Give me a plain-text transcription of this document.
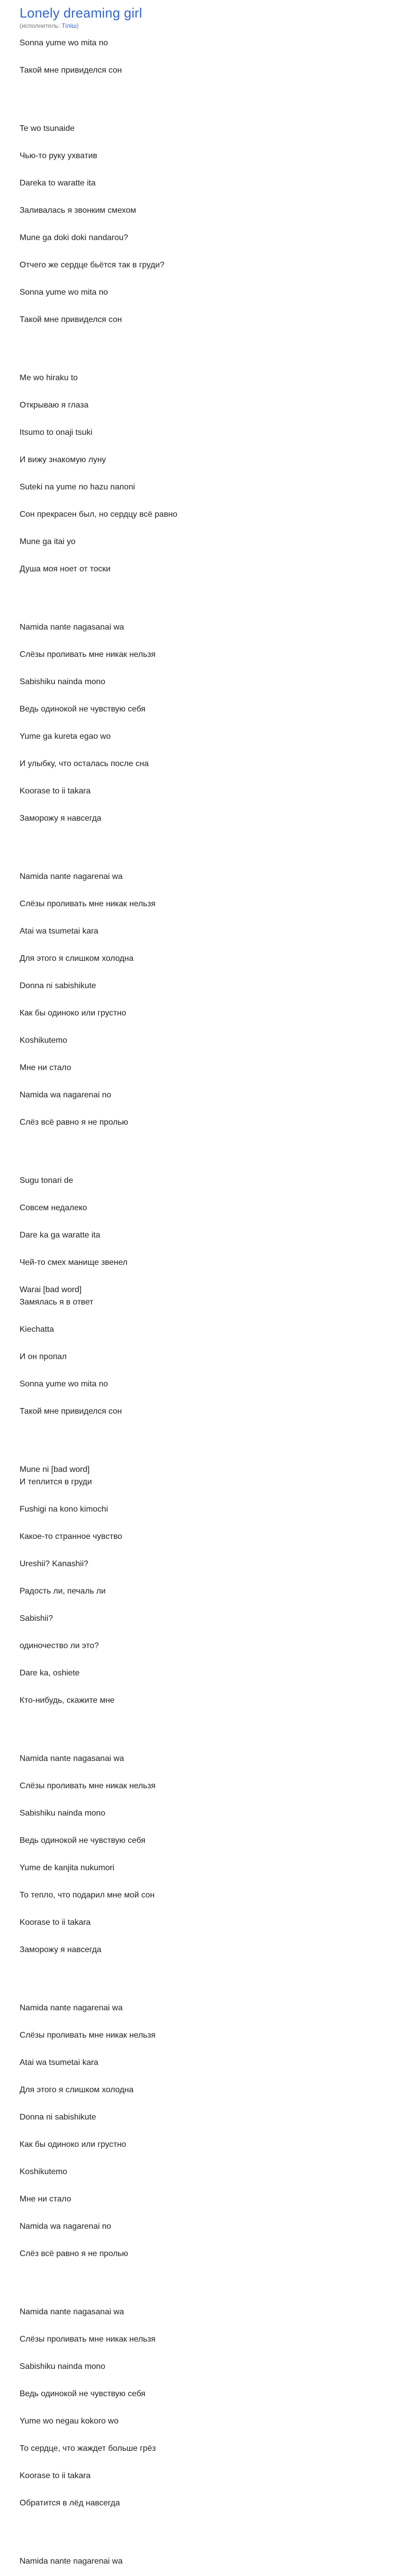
Lonely dreaming girl
(исполнитель: Тіліш)
Sonna yume wo mita no
Такой мне привиделся сон
Te wo tsunaide
Чью-то руку ухватив
Dareka to waratte ita
Заливалась я звонким смехом
Mune ga doki doki nandarou?
Отчего же сердце бьётся так в груди?
Sonna yume wo mita no
Такой мне привиделся сон
Me wo hiraku to
Открываю я глаза
Itsumo to onaji tsuki
И вижу знакомую луну
Suteki na yume no hazu nanoni
Сон прекрасен был, но сердцу всё равно
Mune ga itai yo
Душа моя ноет от тоски
Namida nante nagasanai wa
Слёзы проливать мне никак нельзя
Sabishiku nainda mono
Ведь одинокой не чувствую себя
Yume ga kureta egao wo
И улыбку, что осталась после сна
Koorase to ii takara
Заморожу я навсегда
Namida nante nagarenai wa
Слёзы проливать мне никак нельзя
Atai wa tsumetai kara
Для этого я слишком холодна
Donna ni sabishikute
Как бы одиноко или грустно
Koshikutemo
Мне ни стало
Namida wa nagarenai no
Слёз всё равно я не пролью
Sugu tonari de
Совсем недалеко
Dare ka ga waratte ita
Чей-то смех манище звенел
Warai [bad word]
Замялась я в ответ
Kiechatta
И он пропал
Sonna yume wo mita no
Такой мне привиделся сон
Mune ni [bad word]
И теплится в груди
Fushigi na kono kimochi
Какое-то странное чувство
Ureshii? Kanashii?
Радость ли, печаль ли
Sabishii?
одиночество ли это?
Dare ka, oshiete
Кто-нибудь, скажите мне
Namida nante nagasanai wa
Слёзы проливать мне никак нельзя
Sabishiku nainda mono
Ведь одинокой не чувствую себя
Yume de kanjita nukumori
То тепло, что подарил мне мой сон
Koorase to ii takara
Заморожу я навсегда
Namida nante nagarenai wa
Слёзы проливать мне никак нельзя
Atai wa tsumetai kara
Для этого я слишком холодна
Donna ni sabishikute
Как бы одиноко или грустно
Koshikutemo
Мне ни стало
Namida wa nagarenai no
Слёз всё равно я не пролью
Namida nante nagasanai wa
Слёзы проливать мне никак нельзя
Sabishiku nainda mono
Ведь одинокой не чувствую себя
Yume wo negau kokoro wo
То сердце, что жаждет больше грёз
Koorase to ii takara
Обратится в лёд навсегда
Namida nante nagarenai wa
